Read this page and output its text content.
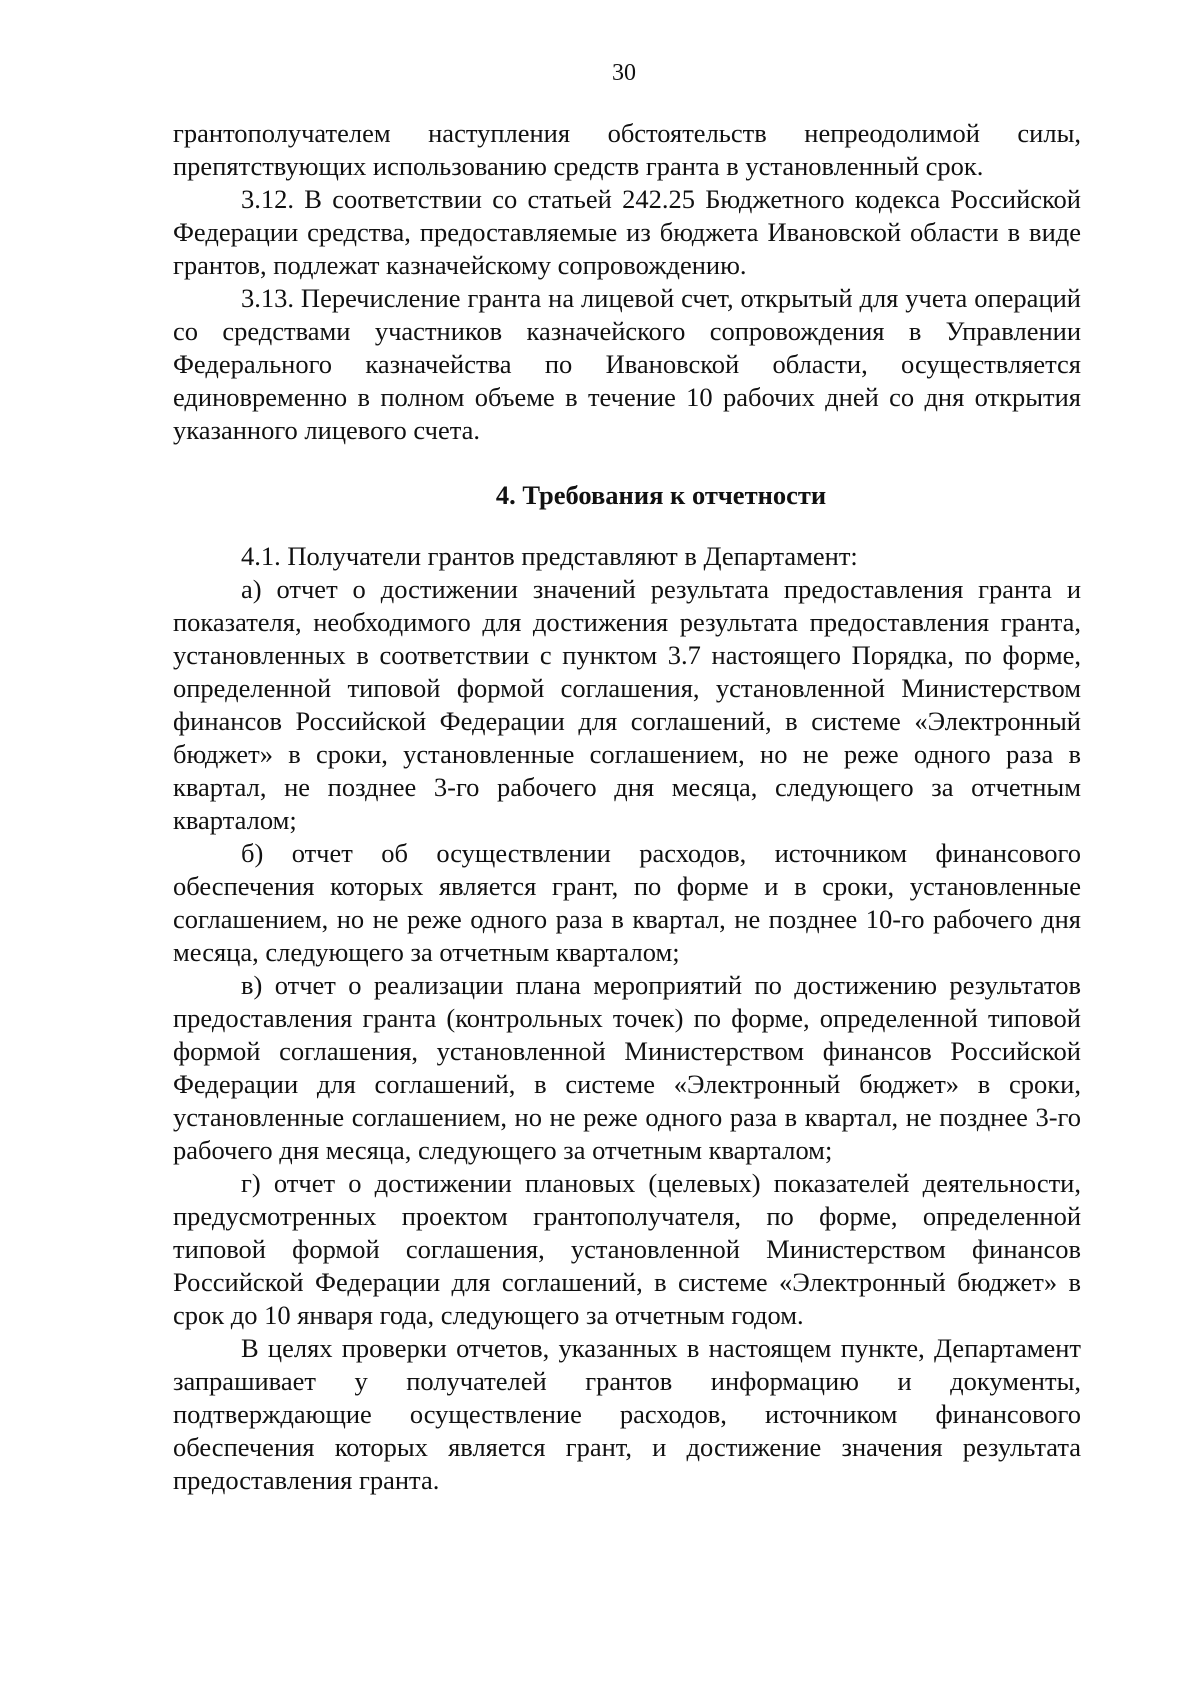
30

грантополучателем наступления обстоятельств непреодолимой силы, препятствующих использованию средств гранта в установленный срок.

3.12. В соответствии со статьей 242.25 Бюджетного кодекса Российской Федерации средства, предоставляемые из бюджета Ивановской области в виде грантов, подлежат казначейскому сопровождению.

3.13. Перечисление гранта на лицевой счет, открытый для учета операций со средствами участников казначейского сопровождения в Управлении Федерального казначейства по Ивановской области, осуществляется единовременно в полном объеме в течение 10 рабочих дней со дня открытия указанного лицевого счета.

4. Требования к отчетности

4.1. Получатели грантов представляют в Департамент:

а) отчет о достижении значений результата предоставления гранта и показателя, необходимого для достижения результата предоставления гранта, установленных в соответствии с пунктом 3.7 настоящего Порядка, по форме, определенной типовой формой соглашения, установленной Министерством финансов Российской Федерации для соглашений, в системе «Электронный бюджет» в сроки, установленные соглашением, но не реже одного раза в квартал, не позднее 3-го рабочего дня месяца, следующего за отчетным кварталом;

б) отчет об осуществлении расходов, источником финансового обеспечения которых является грант, по форме и в сроки, установленные соглашением, но не реже одного раза в квартал, не позднее 10-го рабочего дня месяца, следующего за отчетным кварталом;

в) отчет о реализации плана мероприятий по достижению результатов предоставления гранта (контрольных точек) по форме, определенной типовой формой соглашения, установленной Министерством финансов Российской Федерации для соглашений, в системе «Электронный бюджет» в сроки, установленные соглашением, но не реже одного раза в квартал, не позднее 3-го рабочего дня месяца, следующего за отчетным кварталом;

г) отчет о достижении плановых (целевых) показателей деятельности, предусмотренных проектом грантополучателя, по форме, определенной типовой формой соглашения, установленной Министерством финансов Российской Федерации для соглашений, в системе «Электронный бюджет» в срок до 10 января года, следующего за отчетным годом.

В целях проверки отчетов, указанных в настоящем пункте, Департамент запрашивает у получателей грантов информацию и документы, подтверждающие осуществление расходов, источником финансового обеспечения которых является грант, и достижение значения результата предоставления гранта.
